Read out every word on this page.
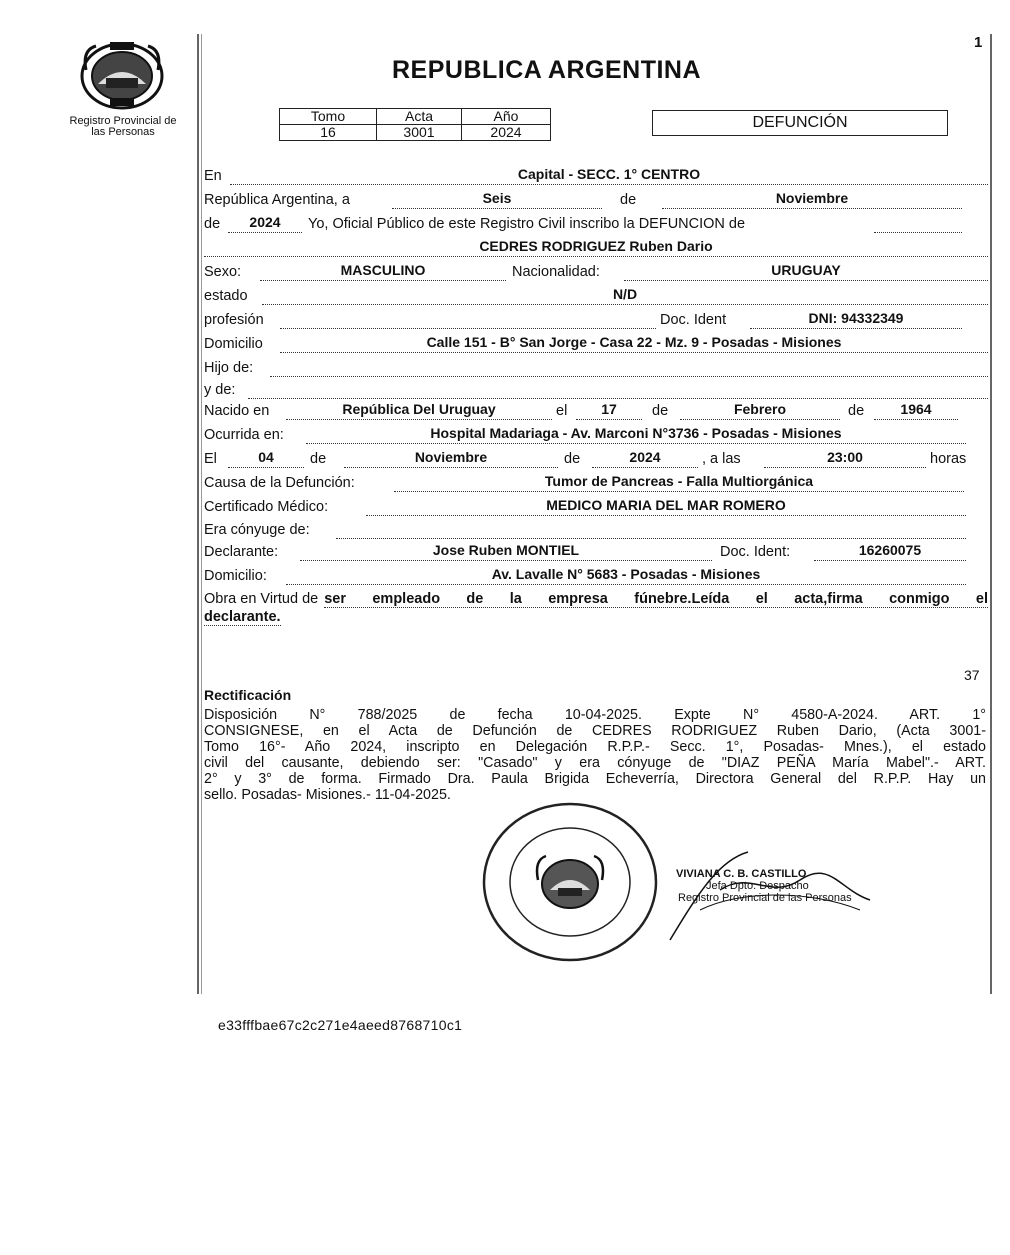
1
Registro Provincial de
las Personas
REPUBLICA ARGENTINA
Tomo	Acta	Año
16	3001	2024
DEFUNCIÓN
En	Capital - SECC. 1° CENTRO
República Argentina, a	Seis	de	Noviembre
de	2024	Yo, Oficial Público de este Registro Civil inscribo la DEFUNCION de
CEDRES RODRIGUEZ Ruben Dario
Sexo:	MASCULINO	Nacionalidad:	URUGUAY
estado	N/D
profesión	Doc. Ident	DNI: 94332349
Domicilio	Calle 151 - B° San Jorge - Casa 22 - Mz. 9 - Posadas - Misiones
Hijo de:
y de:
Nacido en	República Del Uruguay	el	17	de	Febrero	de	1964
Ocurrida en:	Hospital Madariaga - Av. Marconi N°3736 - Posadas - Misiones
El	04	de	Noviembre	de	2024	, a las	23:00	horas
Causa de la Defunción:	Tumor de Pancreas - Falla Multiorgánica
Certificado Médico:	MEDICO MARIA DEL MAR ROMERO
Era cónyuge de:
Declarante:	Jose Ruben MONTIEL	Doc. Ident:	16260075
Domicilio:	Av. Lavalle N° 5683 - Posadas - Misiones
Obra en Virtud de ser empleado de la empresa fúnebre.Leída el acta,firma conmigo el
declarante.
37
Rectificación
Disposición N° 788/2025 de fecha 10-04-2025. Expte N° 4580-A-2024. ART. 1°
CONSIGNESE, en el Acta de Defunción de CEDRES RODRIGUEZ Ruben Dario, (Acta 3001-
Tomo 16°- Año 2024, inscripto en Delegación R.P.P.- Secc. 1°, Posadas- Mnes.), el estado
civil del causante, debiendo ser: "Casado" y era cónyuge de "DIAZ PEÑA María Mabel".- ART.
2° y 3° de forma. Firmado Dra. Paula Brigida Echeverría, Directora General del R.P.P. Hay un
sello. Posadas- Misiones.- 11-04-2025.
VIVIANA C. B. CASTILLO
Jefa Dpto. Despacho
Registro Provincial de las Personas
e33fffbae67c2c271e4aeed8768710c1
